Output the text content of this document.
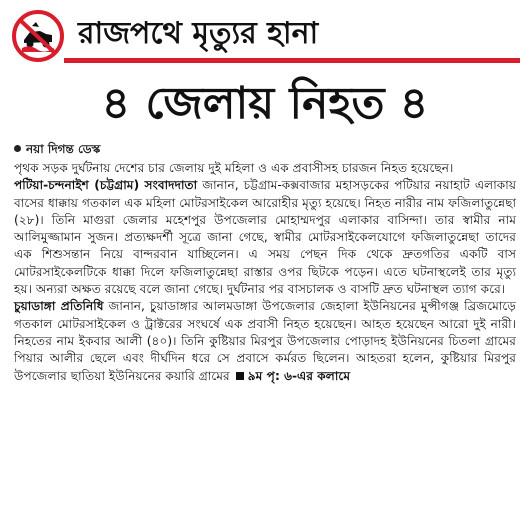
রাজপথে মৃত্যুর হানা
৪ জেলায় নিহত ৪
নয়া দিগন্ত ডেস্ক

পৃথক সড়ক দুর্ঘটনায় দেশের চার জেলায় দুই মহিলা ও এক প্রবাসীসহ চারজন নিহত হয়েছেন।

পটিয়া-চন্দনাইশ (চট্টগ্রাম) সংবাদদাতা জানান, চট্টগ্রাম-কক্সবাজার মহাসড়কের পটিয়ার নয়াহাট এলাকায় বাসের ধাক্কায় গতকাল এক মহিলা মোটরসাইকেল আরোহীর মৃত্যু হয়েছে। নিহত নারীর নাম ফজিলাতুন্নেছা (২৮)। তিনি মাগুরা জেলার মহেশপুর উপজেলার মোহাম্মদপুর এলাকার বাসিন্দা। তার স্বামীর নাম আলিমুজ্জামান সুজন। প্রত্যক্ষদর্শী সূত্রে জানা গেছে, স্বামীর মোটরসাইকেলযোগে ফজিলাতুন্নেছা তাদের এক শিশুসন্তান নিয়ে বান্দরবান যাচ্ছিলেন। এ সময় পেছন দিক থেকে দ্রুতগতির একটি বাস মোটরসাইকেলটিকে ধাক্কা দিলে ফজিলাতুন্নেছা রাস্তার ওপর ছিটকে পড়েন। এতে ঘটনাস্থলেই তার মৃত্যু হয়। অন্যরা অক্ষত রয়েছে বলে জানা গেছে। দুর্ঘটনার পর বাসচালক ও বাসটি দ্রুত ঘটনাস্থল ত্যাগ করে।

চুয়াডাঙ্গা প্রতিনিধি জানান, চুয়াডাঙ্গার আলমডাঙ্গা উপজেলার জেহালা ইউনিয়নের মুন্সীগঞ্জ ব্রিজমোড়ে গতকাল মোটরসাইকেল ও ট্রাক্টরের সংঘর্ষে এক প্রবাসী নিহত হয়েছেন। আহত হয়েছেন আরো দুই নারী। নিহতের নাম ইকবার আলী (৪০)। তিনি কুষ্টিয়ার মিরপুর উপজেলার পোড়াদহ ইউনিয়নের চিতলা গ্রামের পিয়ার আলীর ছেলে এবং দীর্ঘদিন ধরে সে প্রবাসে কর্মরত ছিলেন। আহতরা হলেন, কুষ্টিয়ার মিরপুর উপজেলার ছাতিয়া ইউনিয়নের কয়ারি গ্রামের ৯ম পৃ: ৬-এর কলামে
